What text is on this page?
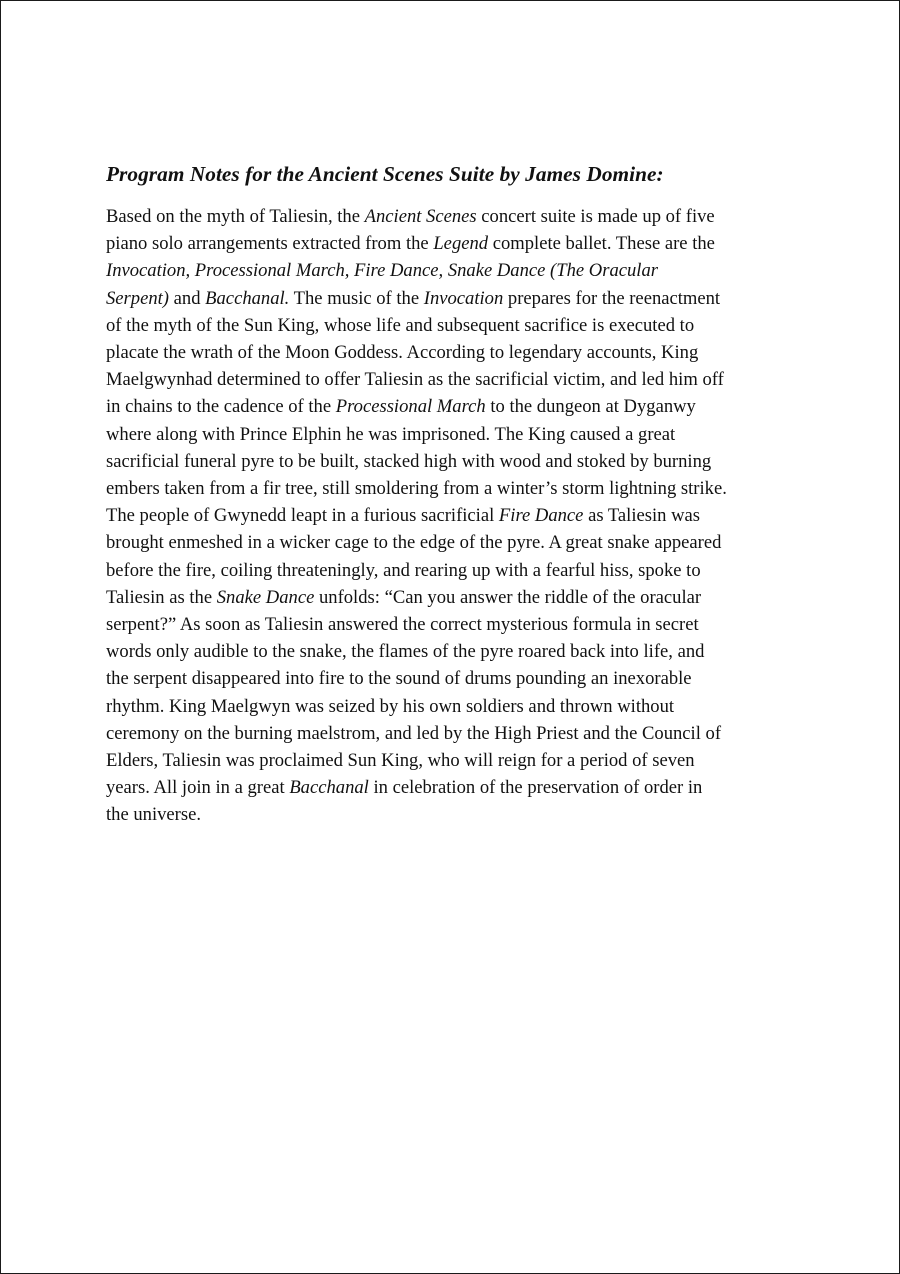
Program Notes for the Ancient Scenes Suite by James Domine:

Based on the myth of Taliesin, the Ancient Scenes concert suite is made up of five
piano solo arrangements extracted from the Legend complete ballet. These are the
Invocation, Processional March, Fire Dance, Snake Dance (The Oracular
Serpent) and Bacchanal. The music of the Invocation prepares for the reenactment
of the myth of the Sun King, whose life and subsequent sacrifice is executed to
placate the wrath of the Moon Goddess. According to legendary accounts, King
Maelgwynhad determined to offer Taliesin as the sacrificial victim, and led him off
in chains to the cadence of the Processional March to the dungeon at Dyganwy
where along with Prince Elphin he was imprisoned. The King caused a great
sacrificial funeral pyre to be built, stacked high with wood and stoked by burning
embers taken from a fir tree, still smoldering from a winter’s storm lightning strike.
The people of Gwynedd leapt in a furious sacrificial Fire Dance as Taliesin was
brought enmeshed in a wicker cage to the edge of the pyre. A great snake appeared
before the fire, coiling threateningly, and rearing up with a fearful hiss, spoke to
Taliesin as the Snake Dance unfolds: “Can you answer the riddle of the oracular
serpent?” As soon as Taliesin answered the correct mysterious formula in secret
words only audible to the snake, the flames of the pyre roared back into life, and
the serpent disappeared into fire to the sound of drums pounding an inexorable
rhythm. King Maelgwyn was seized by his own soldiers and thrown without
ceremony on the burning maelstrom, and led by the High Priest and the Council of
Elders, Taliesin was proclaimed Sun King, who will reign for a period of seven
years. All join in a great Bacchanal in celebration of the preservation of order in
the universe.
